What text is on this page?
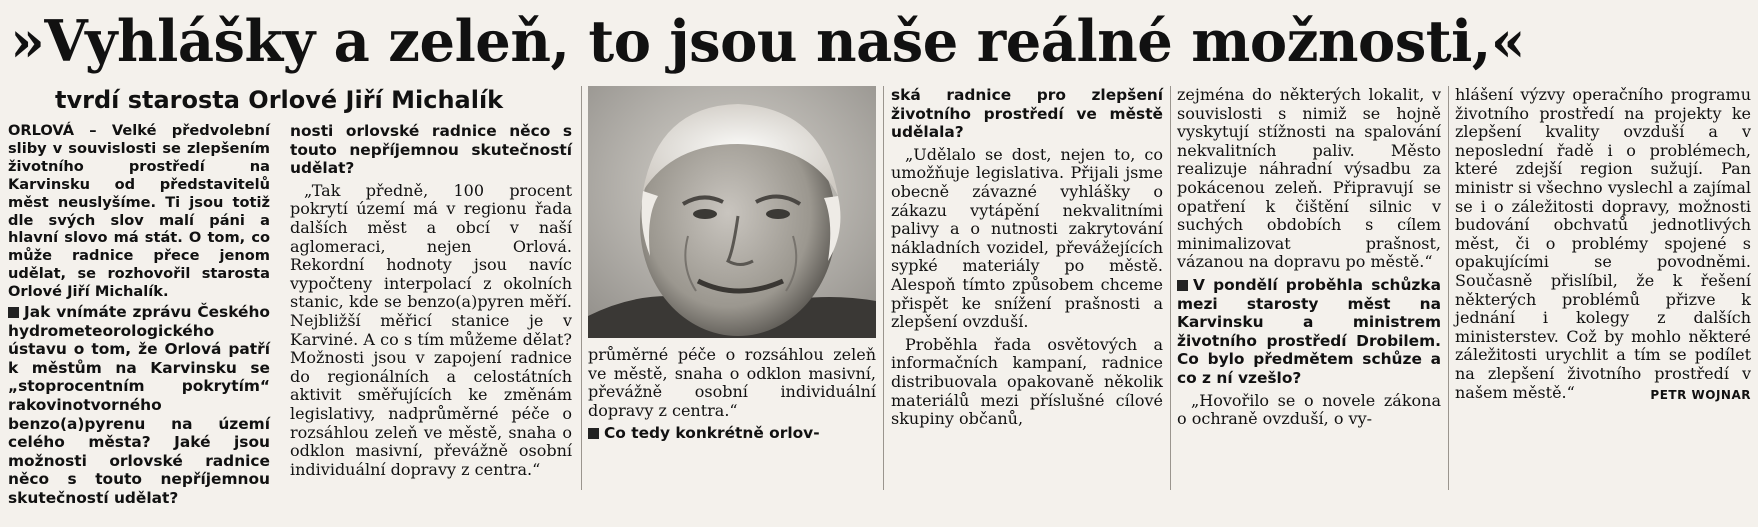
»Vyhlášky a zeleň, to jsou naše reálné možnosti,«
tvrdí starosta Orlové Jiří Michalík

ORLOVÁ – Velké předvolební sliby v souvislosti se zlepšením životního prostředí na Karvinsku od představitelů měst neuslyšíme. Ti jsou totiž dle svých slov malí páni a hlavní slovo má stát. O tom, co může radnice přece jenom udělat, se rozhovořil starosta Orlové Jiří Michalík.

Jak vnímáte zprávu Českého hydrometeorologického ústavu o tom, že Orlová patří k městům na Karvinsku se „stoprocentním pokrytím“ rakovinotvorného benzo(a)pyrenu na území celého města? Jaké jsou možnosti orlovské radnice něco s touto nepříjemnou skutečností udělat?

nosti orlovské radnice něco s touto nepříjemnou skutečností udělat?

„Tak předně, 100 procent pokrytí území má v regionu řada dalších měst a obcí v naší aglomeraci, nejen Orlová. Rekordní hodnoty jsou navíc vypočteny interpolací z okolních stanic, kde se benzo(a)pyren měří. Nejbližší měřicí stanice je v Karviné. A co s tím můžeme dělat? Možnosti jsou v zapojení radnice do regionálních a celostátních aktivit směřujících ke změnám legislativy, nadprůměrné péče o rozsáhlou zeleň ve městě, snaha o odklon masivní, převážně osobní individuální dopravy z centra.“

průměrné péče o rozsáhlou zeleň ve městě, snaha o odklon masivní, převážně osobní individuální dopravy z centra.“

Co tedy konkrétně orlov-

ská radnice pro zlepšení životního prostředí ve městě udělala?

„Udělalo se dost, nejen to, co umožňuje legislativa. Přijali jsme obecně závazné vyhlášky o zákazu vytápění nekvalitními palivy a o nutnosti zakrytování nákladních vozidel, převážejících sypké materiály po městě. Alespoň tímto způsobem chceme přispět ke snížení prašnosti a zlepšení ovzduší.

Proběhla řada osvětových a informačních kampaní, radnice distribuovala opakovaně několik materiálů mezi příslušné cílové skupiny občanů,

zejména do některých lokalit, v souvislosti s nimiž se hojně vyskytují stížnosti na spalování nekvalitních paliv. Město realizuje náhradní výsadbu za pokácenou zeleň. Připravují se opatření k čištění silnic v suchých obdobích s cílem minimalizovat prašnost, vázanou na dopravu po městě.“

V pondělí proběhla schůzka mezi starosty měst na Karvinsku a ministrem životního prostředí Drobilem. Co bylo předmětem schůze a co z ní vzešlo?

„Hovořilo se o novele zákona o ochraně ovzduší, o vy-

hlášení výzvy operačního programu životního prostředí na projekty ke zlepšení kvality ovzduší a v neposlední řadě i o problémech, které zdejší region sužují. Pan ministr si všechno vyslechl a zajímal se i o záležitosti dopravy, možnosti budování obchvatů jednotlivých měst, či o problémy spojené s opakujícími se povodněmi. Současně přislíbil, že k řešení některých problémů přizve k jednání i kolegy z dalších ministerstev. Což by mohlo některé záležitosti urychlit a tím se podílet na zlepšení životního prostředí v našem městě.“	PETR WOJNAR
